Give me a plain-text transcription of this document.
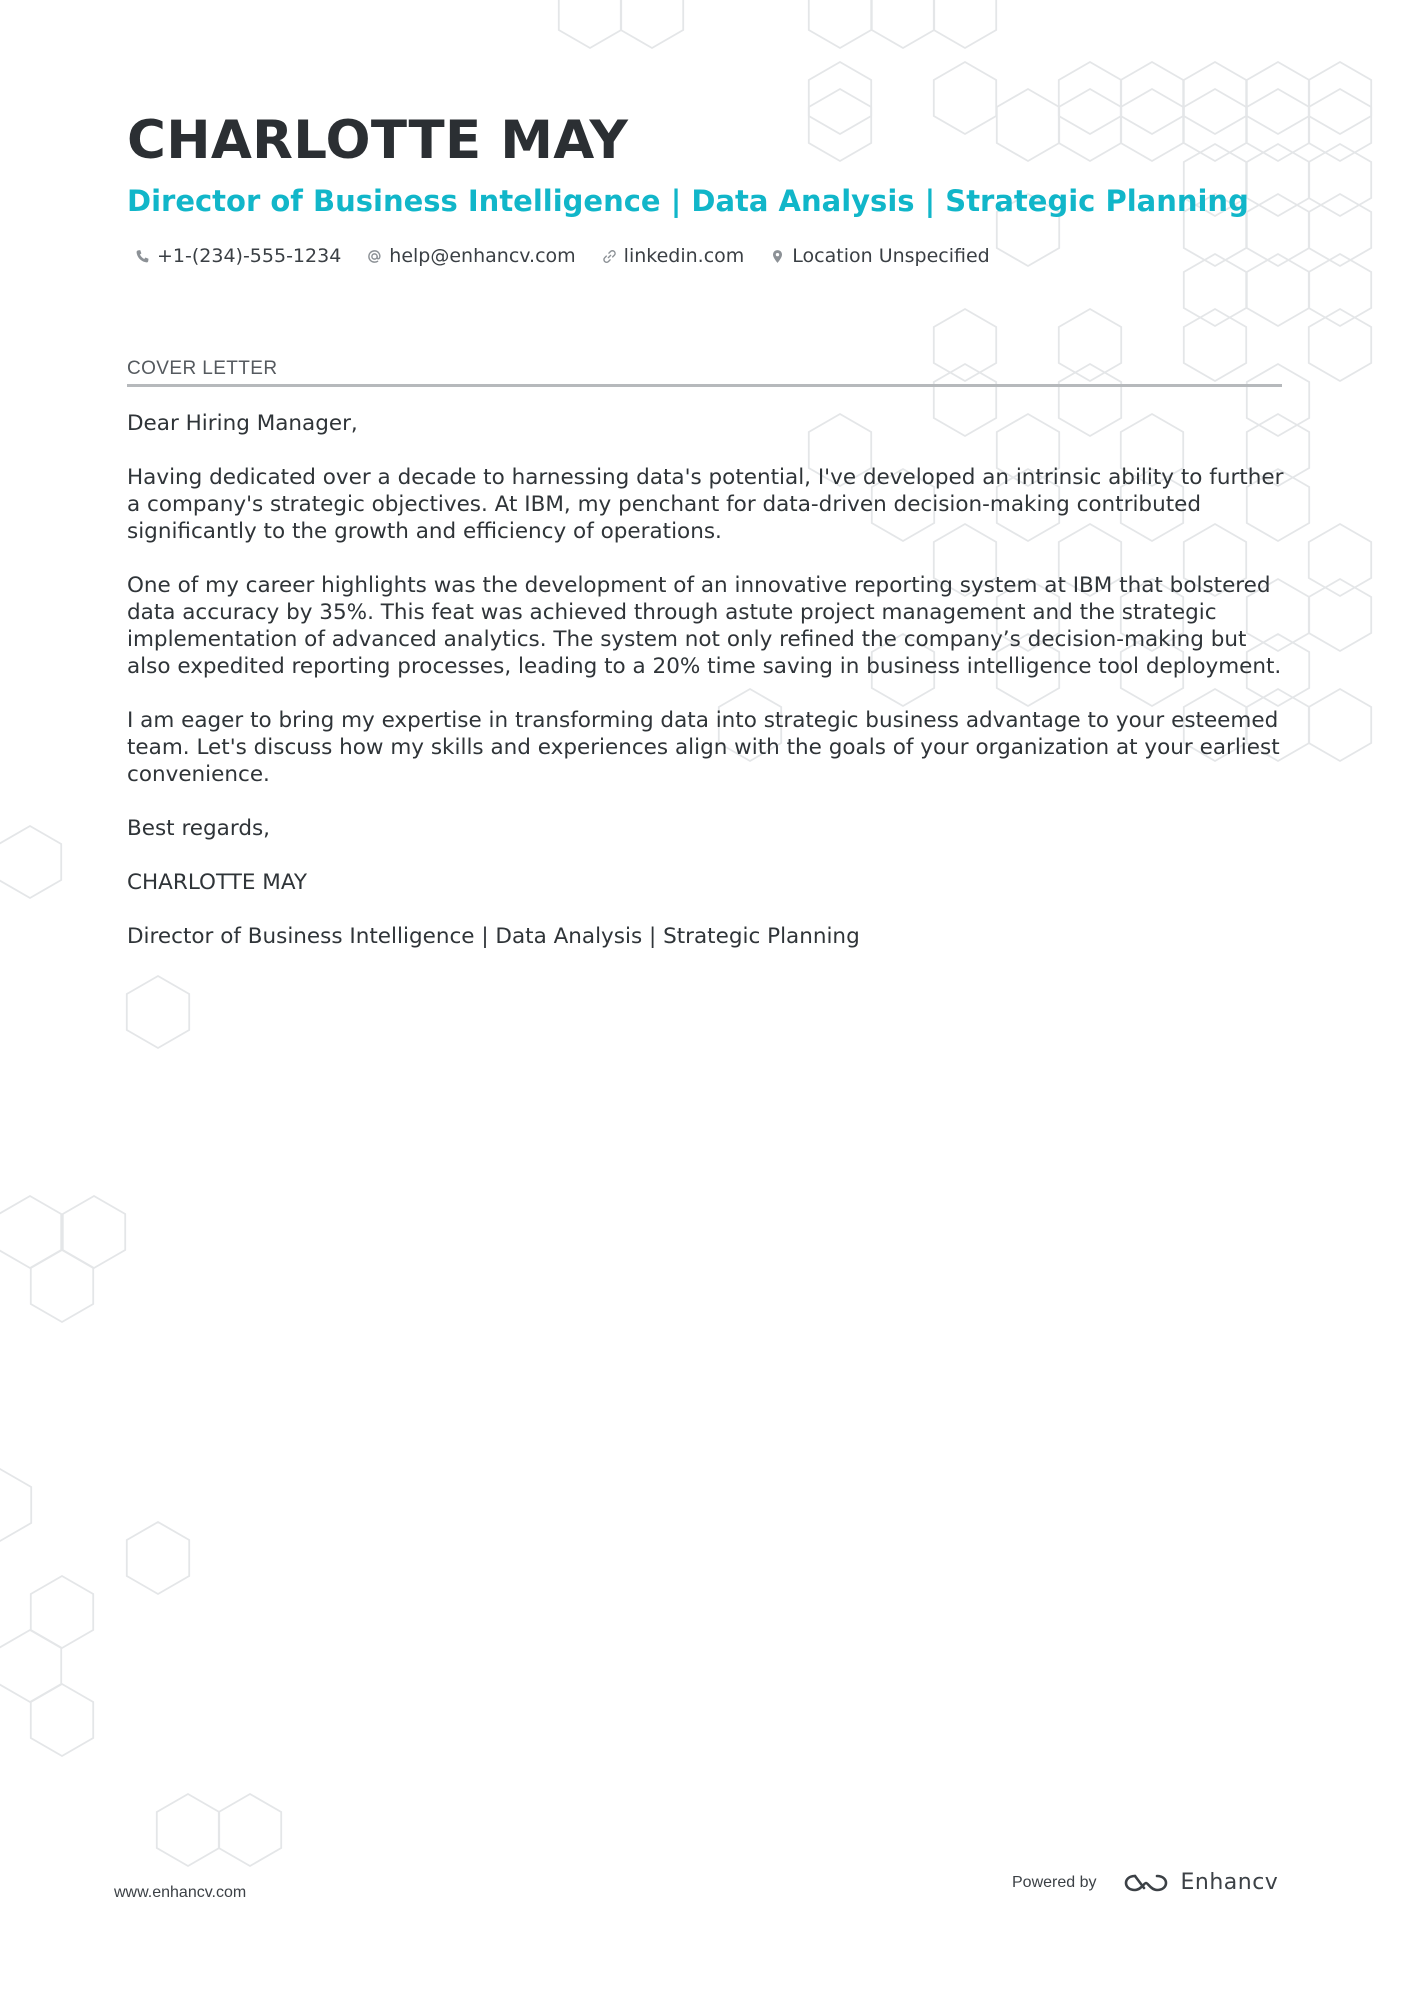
CHARLOTTE MAY
Director of Business Intelligence | Data Analysis | Strategic Planning
+1-(234)-555-1234	help@enhancv.com	linkedin.com	Location Unspecified
COVER LETTER

Dear Hiring Manager,

Having dedicated over a decade to harnessing data's potential, I've developed an intrinsic ability to further a company's strategic objectives. At IBM, my penchant for data-driven decision-making contributed significantly to the growth and efficiency of operations.

One of my career highlights was the development of an innovative reporting system at IBM that bolstered data accuracy by 35%. This feat was achieved through astute project management and the strategic implementation of advanced analytics. The system not only refined the company’s decision-making but also expedited reporting processes, leading to a 20% time saving in business intelligence tool deployment.

I am eager to bring my expertise in transforming data into strategic business advantage to your esteemed team. Let's discuss how my skills and experiences align with the goals of your organization at your earliest convenience.

Best regards,

CHARLOTTE MAY

Director of Business Intelligence | Data Analysis | Strategic Planning

www.enhancv.com
Powered by	Enhancv
